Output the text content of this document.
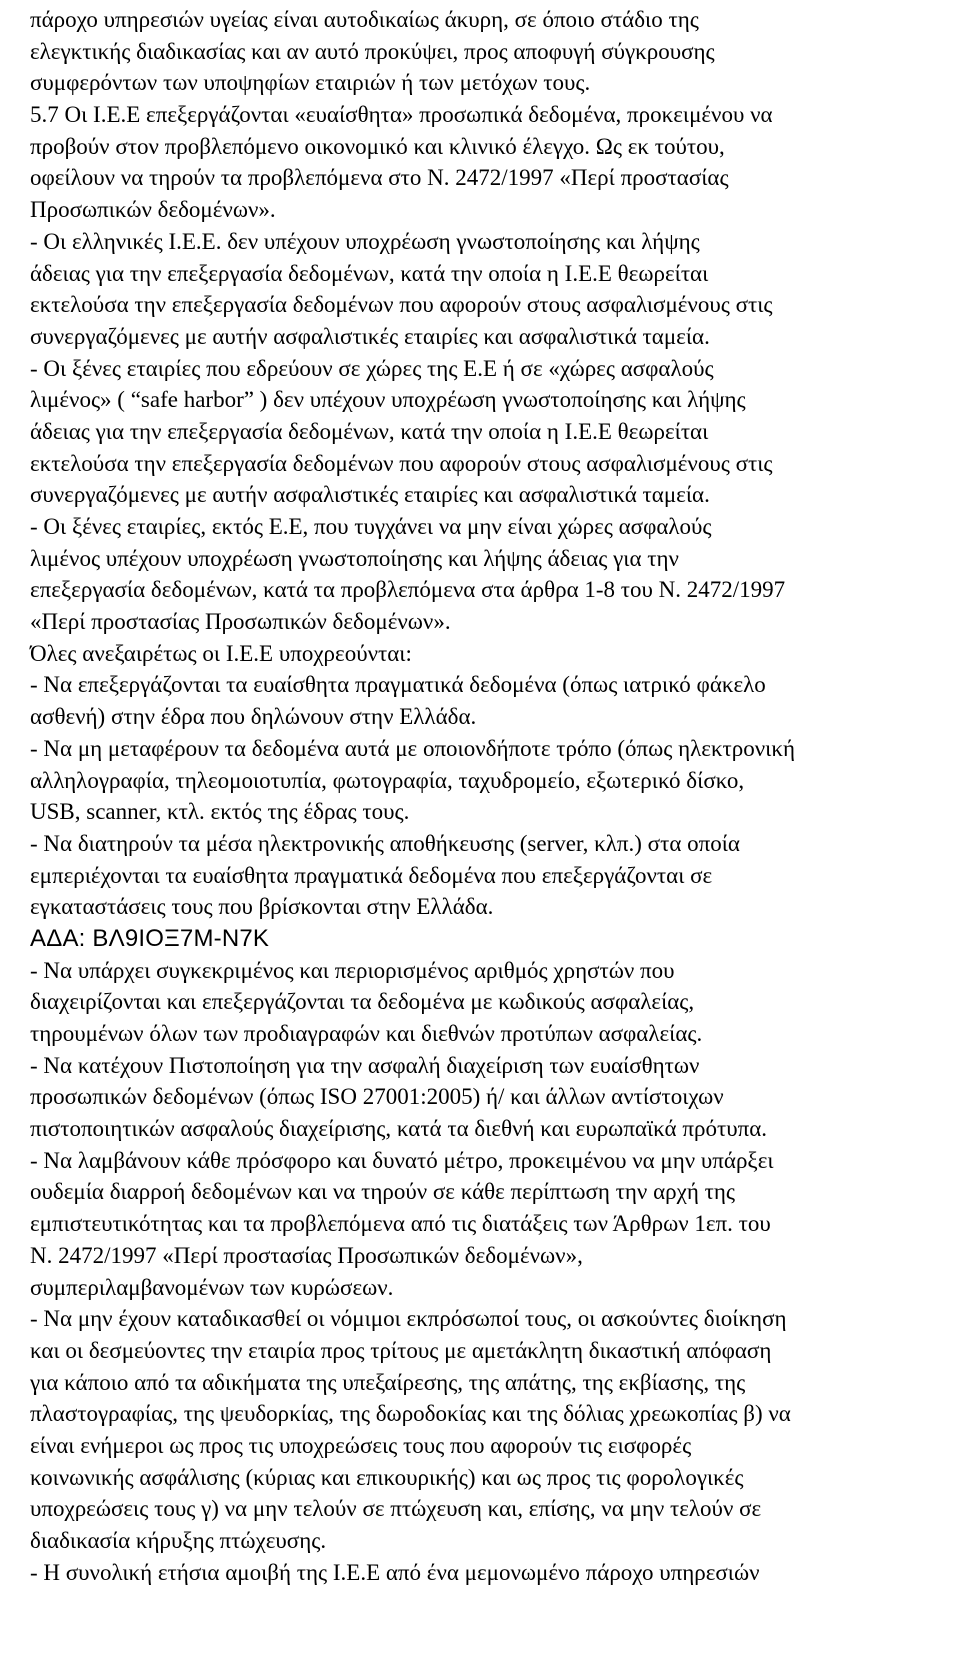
πάροχο υπηρεσιών υγείας είναι αυτοδικαίως άκυρη, σε όποιο στάδιο της
ελεγκτικής διαδικασίας και αν αυτό προκύψει, προς αποφυγή σύγκρουσης
συμφερόντων των υποψηφίων εταιριών ή των μετόχων τους.
5.7 Οι Ι.Ε.Ε επεξεργάζονται «ευαίσθητα» προσωπικά δεδομένα, προκειμένου να
προβούν στον προβλεπόμενο οικονομικό και κλινικό έλεγχο. Ως εκ τούτου,
οφείλουν να τηρούν τα προβλεπόμενα στο Ν. 2472/1997 «Περί προστασίας
Προσωπικών δεδομένων».
- Οι ελληνικές Ι.Ε.Ε. δεν υπέχουν υποχρέωση γνωστοποίησης και λήψης
άδειας για την επεξεργασία δεδομένων, κατά την οποία η Ι.Ε.Ε θεωρείται
εκτελούσα την επεξεργασία δεδομένων που αφορούν στους ασφαλισμένους στις
συνεργαζόμενες με αυτήν ασφαλιστικές εταιρίες και ασφαλιστικά ταμεία.
- Οι ξένες εταιρίες που εδρεύουν σε χώρες της Ε.Ε ή σε «χώρες ασφαλούς
λιμένος» ( “safe harbor” ) δεν υπέχουν υποχρέωση γνωστοποίησης και λήψης
άδειας για την επεξεργασία δεδομένων, κατά την οποία η Ι.Ε.Ε θεωρείται
εκτελούσα την επεξεργασία δεδομένων που αφορούν στους ασφαλισμένους στις
συνεργαζόμενες με αυτήν ασφαλιστικές εταιρίες και ασφαλιστικά ταμεία.
- Οι ξένες εταιρίες, εκτός Ε.Ε, που τυγχάνει να μην είναι χώρες ασφαλούς
λιμένος υπέχουν υποχρέωση γνωστοποίησης και λήψης άδειας για την
επεξεργασία δεδομένων, κατά τα προβλεπόμενα στα άρθρα 1-8 του Ν. 2472/1997
«Περί προστασίας Προσωπικών δεδομένων».
Όλες ανεξαιρέτως οι Ι.Ε.Ε υποχρεούνται:
- Να επεξεργάζονται τα ευαίσθητα πραγματικά δεδομένα (όπως ιατρικό φάκελο
ασθενή) στην έδρα που δηλώνουν στην Ελλάδα.
- Να μη μεταφέρουν τα δεδομένα αυτά με οποιονδήποτε τρόπο (όπως ηλεκτρονική
αλληλογραφία, τηλεομοιοτυπία, φωτογραφία, ταχυδρομείο, εξωτερικό δίσκο,
USB, scanner, κτλ. εκτός της έδρας τους.
- Να διατηρούν τα μέσα ηλεκτρονικής αποθήκευσης (server, κλπ.) στα οποία
εμπεριέχονται τα ευαίσθητα πραγματικά δεδομένα που επεξεργάζονται σε
εγκαταστάσεις τους που βρίσκονται στην Ελλάδα.
ΑΔΑ: ΒΛ9ΙΟΞ7Μ-Ν7Κ
- Να υπάρχει συγκεκριμένος και περιορισμένος αριθμός χρηστών που
διαχειρίζονται και επεξεργάζονται τα δεδομένα με κωδικούς ασφαλείας,
τηρουμένων όλων των προδιαγραφών και διεθνών προτύπων ασφαλείας.
- Να κατέχουν Πιστοποίηση για την ασφαλή διαχείριση των ευαίσθητων
προσωπικών δεδομένων (όπως ISO 27001:2005) ή/ και άλλων αντίστοιχων
πιστοποιητικών ασφαλούς διαχείρισης, κατά τα διεθνή και ευρωπαϊκά πρότυπα.
- Να λαμβάνουν κάθε πρόσφορο και δυνατό μέτρο, προκειμένου να μην υπάρξει
ουδεμία διαρροή δεδομένων και να τηρούν σε κάθε περίπτωση την αρχή της
εμπιστευτικότητας και τα προβλεπόμενα από τις διατάξεις των Άρθρων 1επ. του
Ν. 2472/1997 «Περί προστασίας Προσωπικών δεδομένων»,
συμπεριλαμβανομένων των κυρώσεων.
- Να μην έχουν καταδικασθεί οι νόμιμοι εκπρόσωποί τους, οι ασκούντες διοίκηση
και οι δεσμεύοντες την εταιρία προς τρίτους με αμετάκλητη δικαστική απόφαση
για κάποιο από τα αδικήματα της υπεξαίρεσης, της απάτης, της εκβίασης, της
πλαστογραφίας, της ψευδορκίας, της δωροδοκίας και της δόλιας χρεωκοπίας β) να
είναι ενήμεροι ως προς τις υποχρεώσεις τους που αφορούν τις εισφορές
κοινωνικής ασφάλισης (κύριας και επικουρικής) και ως προς τις φορολογικές
υποχρεώσεις τους γ) να μην τελούν σε πτώχευση και, επίσης, να μην τελούν σε
διαδικασία κήρυξης πτώχευσης.
- Η συνολική ετήσια αμοιβή της Ι.Ε.Ε από ένα μεμονωμένο πάροχο υπηρεσιών
